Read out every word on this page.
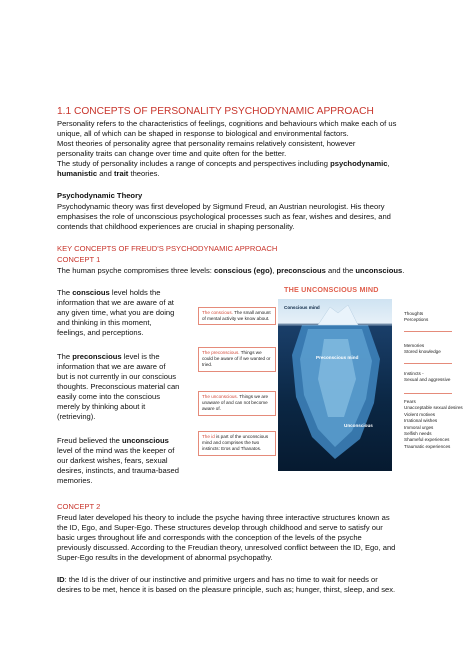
1.1 CONCEPTS OF PERSONALITY PSYCHODYNAMIC APPROACH
Personality refers to the characteristics of feelings, cognitions and behaviours which make each of us
unique, all of which can be shaped in response to biological and environmental factors.
Most theories of personality agree that personality remains relatively consistent, however
personality traits can change over time and quite often for the better.
The study of personality includes a range of concepts and perspectives including psychodynamic,
humanistic and trait theories.
Psychodynamic Theory
Psychodynamic theory was first developed by Sigmund Freud, an Austrian neurologist. His theory
emphasises the role of unconscious psychological processes such as fear, wishes and desires, and
contends that childhood experiences are crucial in shaping personality.
KEY CONCEPTS OF FREUD'S PSYCHODYNAMIC APPROACH
CONCEPT 1
The human psyche compromises three levels: conscious (ego), preconscious and the unconscious.
The conscious level holds the
information that we are aware of at
any given time, what you are doing
and thinking in this moment,
feelings, and perceptions.
The preconscious level is the
information that we are aware of
but is not currently in our conscious
thoughts. Preconscious material can
easily come into the conscious
merely by thinking about it
(retrieving).
Freud believed the unconscious
level of the mind was the keeper of
our darkest wishes, fears, sexual
desires, instincts, and trauma-based
memories.
THE UNCONSCIOUS MIND
Conscious mind
Preconscious mind
Unconscious
The conscious. The small amount of mental activity we know about.
The preconscious. Things we could be aware of if we wanted or tried.
The unconscious. Things we are unaware of and can not become aware of.
The id is part of the unconscious mind and comprises the two instincts: Eros and Thanatos.
Thoughts
Perceptions
Memories
Stored knowledge
Instincts -
Sexual and aggressive
Fears
Unacceptable sexual desires
Violent motives
Irrational wishes
Immoral urges
Selfish needs
Shameful experiences
Traumatic experiences
CONCEPT 2
Freud later developed his theory to include the psyche having three interactive structures known as
the ID, Ego, and Super-Ego. These structures develop through childhood and serve to satisfy our
basic urges throughout life and corresponds with the conception of the levels of the psyche
previously discussed. According to the Freudian theory, unresolved conflict between the ID, Ego, and
Super-Ego results in the development of abnormal psychopathy.
ID: the Id is the driver of our instinctive and primitive urgers and has no time to wait for needs or
desires to be met, hence it is based on the pleasure principle, such as; hunger, thirst, sleep, and sex.
